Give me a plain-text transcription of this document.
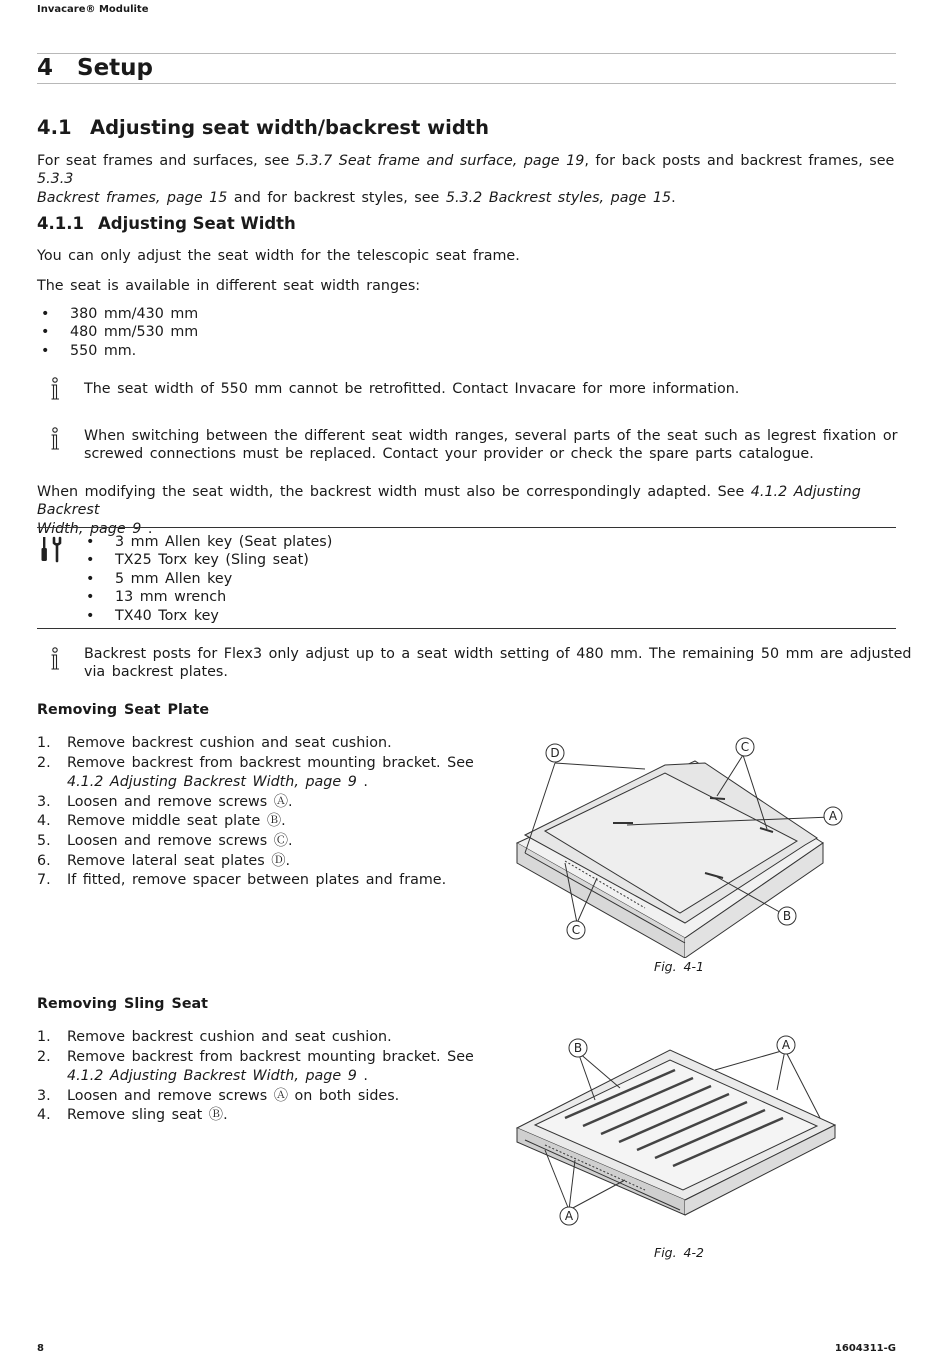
Invacare® Modulite
4 Setup
4.1 Adjusting seat width/backrest width
For seat frames and surfaces, see 5.3.7 Seat frame and surface, page 19, for back posts and backrest frames, see 5.3.3
Backrest frames, page 15 and for backrest styles, see 5.3.2 Backrest styles, page 15.
4.1.1 Adjusting Seat Width
You can only adjust the seat width for the telescopic seat frame.
The seat is available in different seat width ranges:
• 380 mm/430 mm
• 480 mm/530 mm
• 550 mm.
The seat width of 550 mm cannot be retrofitted. Contact Invacare for more information.
When switching between the different seat width ranges, several parts of the seat such as legrest fixation or
screwed connections must be replaced. Contact your provider or check the spare parts catalogue.
When modifying the seat width, the backrest width must also be correspondingly adapted. See 4.1.2 Adjusting Backrest
Width, page 9 .
• 3 mm Allen key (Seat plates)
• TX25 Torx key (Sling seat)
• 5 mm Allen key
• 13 mm wrench
• TX40 Torx key
Backrest posts for Flex3 only adjust up to a seat width setting of 480 mm. The remaining 50 mm are adjusted
via backrest plates.
Removing Seat Plate
1. Remove backrest cushion and seat cushion.
2. Remove backrest from backrest mounting bracket. See
4.1.2 Adjusting Backrest Width, page 9 .
3. Loosen and remove screws Ⓐ.
4. Remove middle seat plate Ⓑ.
5. Loosen and remove screws Ⓒ.
6. Remove lateral seat plates Ⓓ.
7. If fitted, remove spacer between plates and frame.
D	C
A
C
B
Fig. 4-1
Removing Sling Seat
1. Remove backrest cushion and seat cushion.
2. Remove backrest from backrest mounting bracket. See
4.1.2 Adjusting Backrest Width, page 9 .
3. Loosen and remove screws Ⓐ on both sides.
4. Remove sling seat Ⓑ.
B	A
A
Fig. 4-2
8	1604311-G
